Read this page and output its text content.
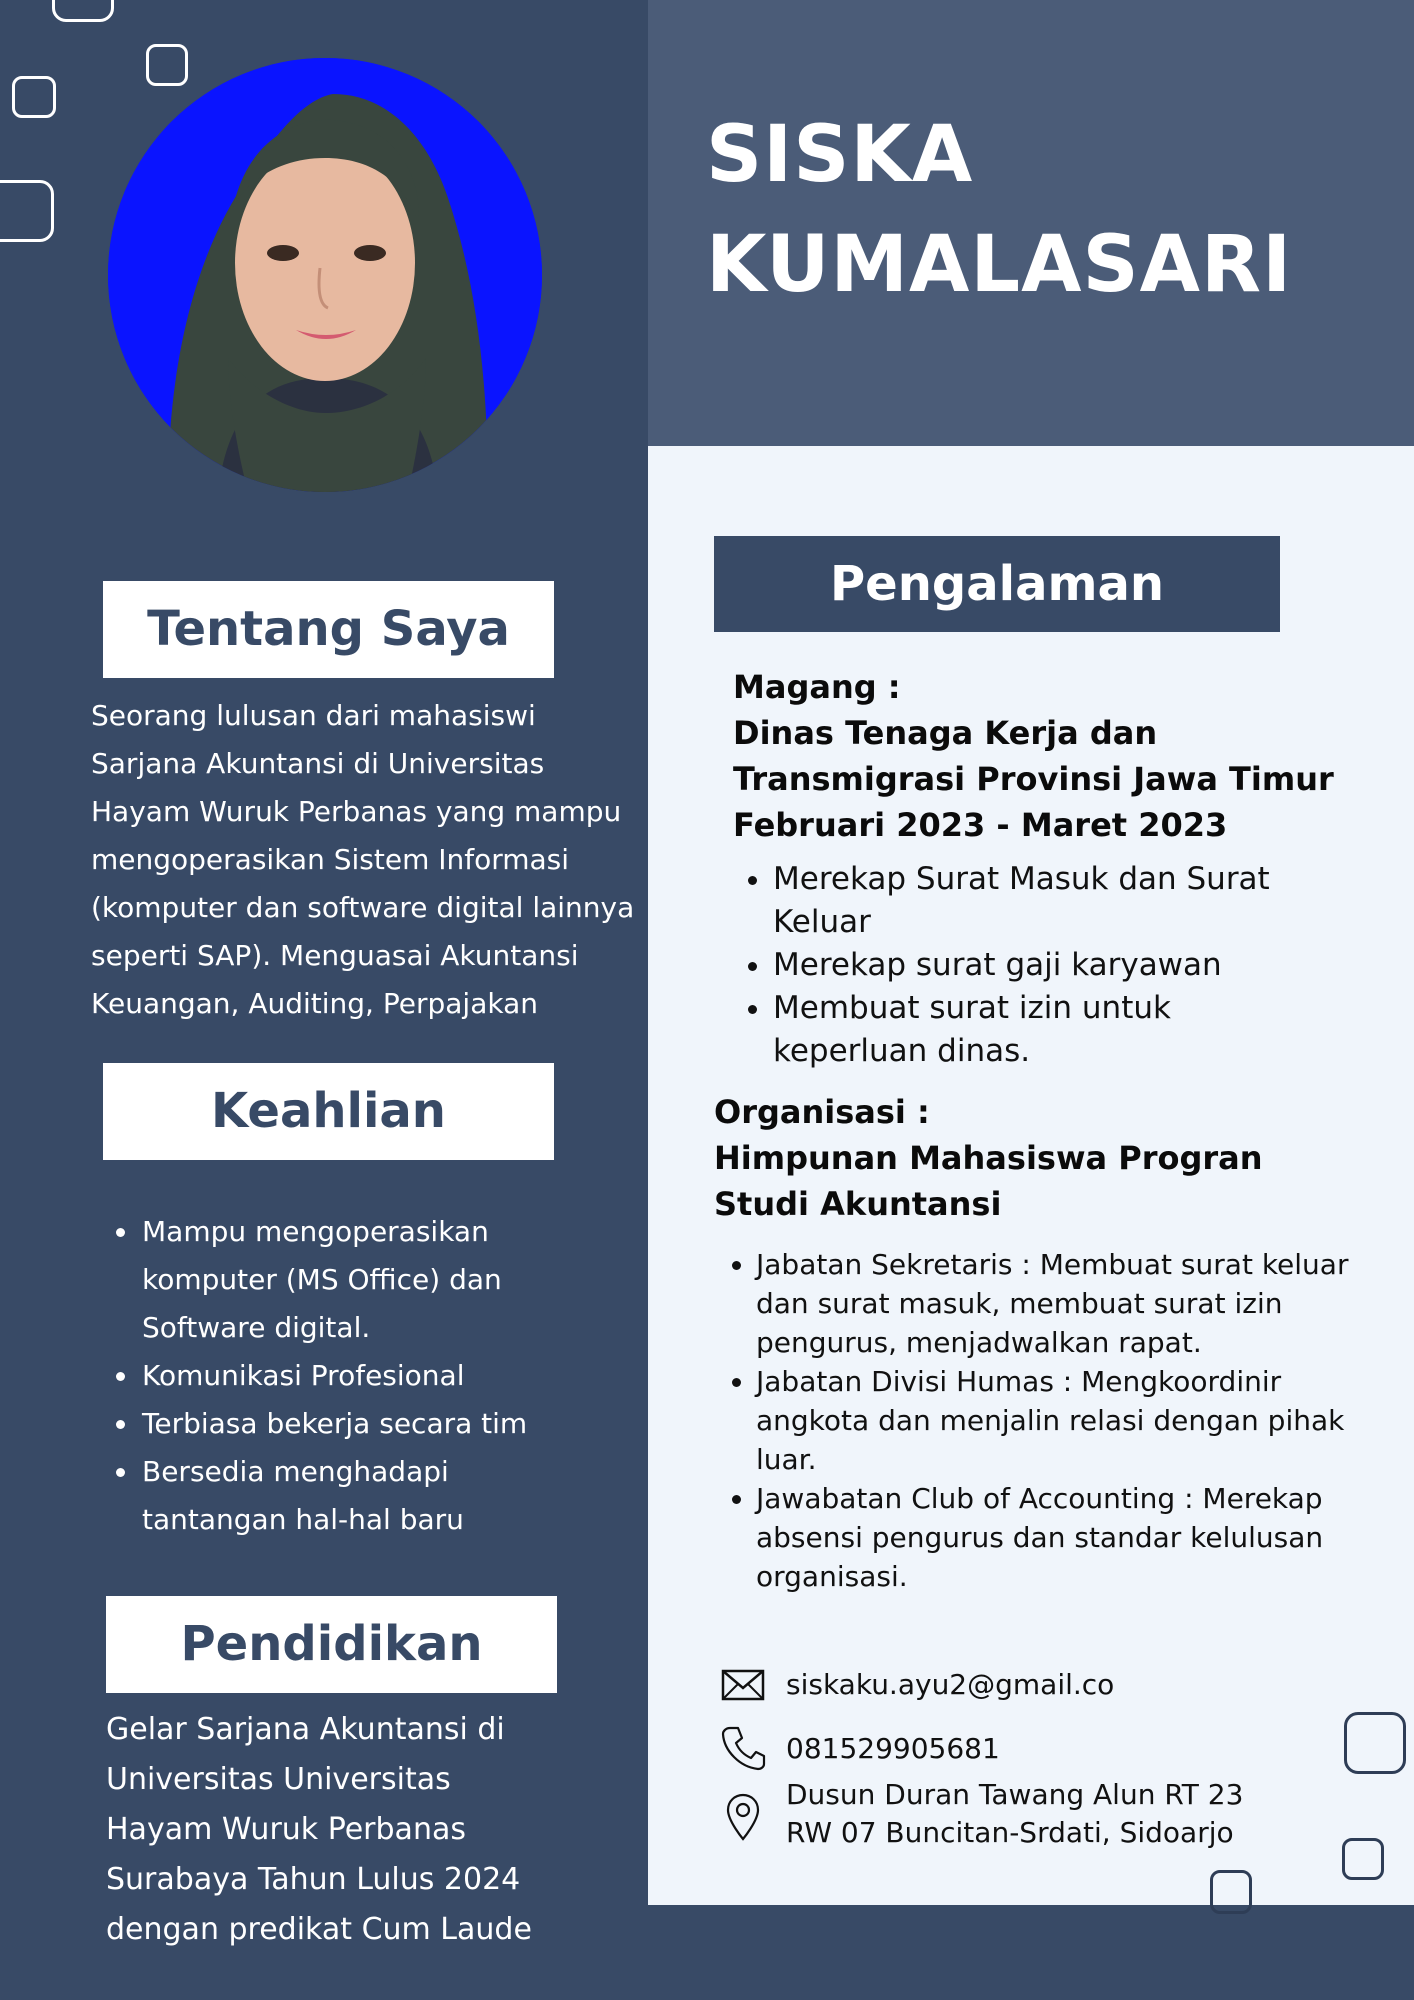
SISKA
KUMALASARI
Tentang Saya
Seorang lulusan dari mahasiswi
Sarjana Akuntansi di Universitas
Hayam Wuruk Perbanas yang mampu
mengoperasikan Sistem Informasi
(komputer dan software digital lainnya
seperti SAP). Menguasai Akuntansi
Keuangan, Auditing, Perpajakan
Keahlian
• Mampu mengoperasikan komputer (MS Office) dan Software digital.
• Komunikasi Profesional
• Terbiasa bekerja secara tim
• Bersedia menghadapi tantangan hal-hal baru
Pendidikan
Gelar Sarjana Akuntansi di
Universitas Universitas
Hayam Wuruk Perbanas
Surabaya Tahun Lulus 2024
dengan predikat Cum Laude
Pengalaman
Magang :
Dinas Tenaga Kerja dan
Transmigrasi Provinsi Jawa Timur
Februari 2023 - Maret 2023
• Merekap Surat Masuk dan Surat Keluar
• Merekap surat gaji karyawan
• Membuat surat izin untuk keperluan dinas.
Organisasi :
Himpunan Mahasiswa Progran
Studi Akuntansi
• Jabatan Sekretaris : Membuat surat keluar dan surat masuk, membuat surat izin pengurus, menjadwalkan rapat.
• Jabatan Divisi Humas : Mengkoordinir angkota dan menjalin relasi dengan pihak luar.
• Jawabatan Club of Accounting : Merekap absensi pengurus dan standar kelulusan organisasi.
siskaku.ayu2@gmail.co
081529905681
Dusun Duran Tawang Alun RT 23
RW 07 Buncitan-Srdati, Sidoarjo
